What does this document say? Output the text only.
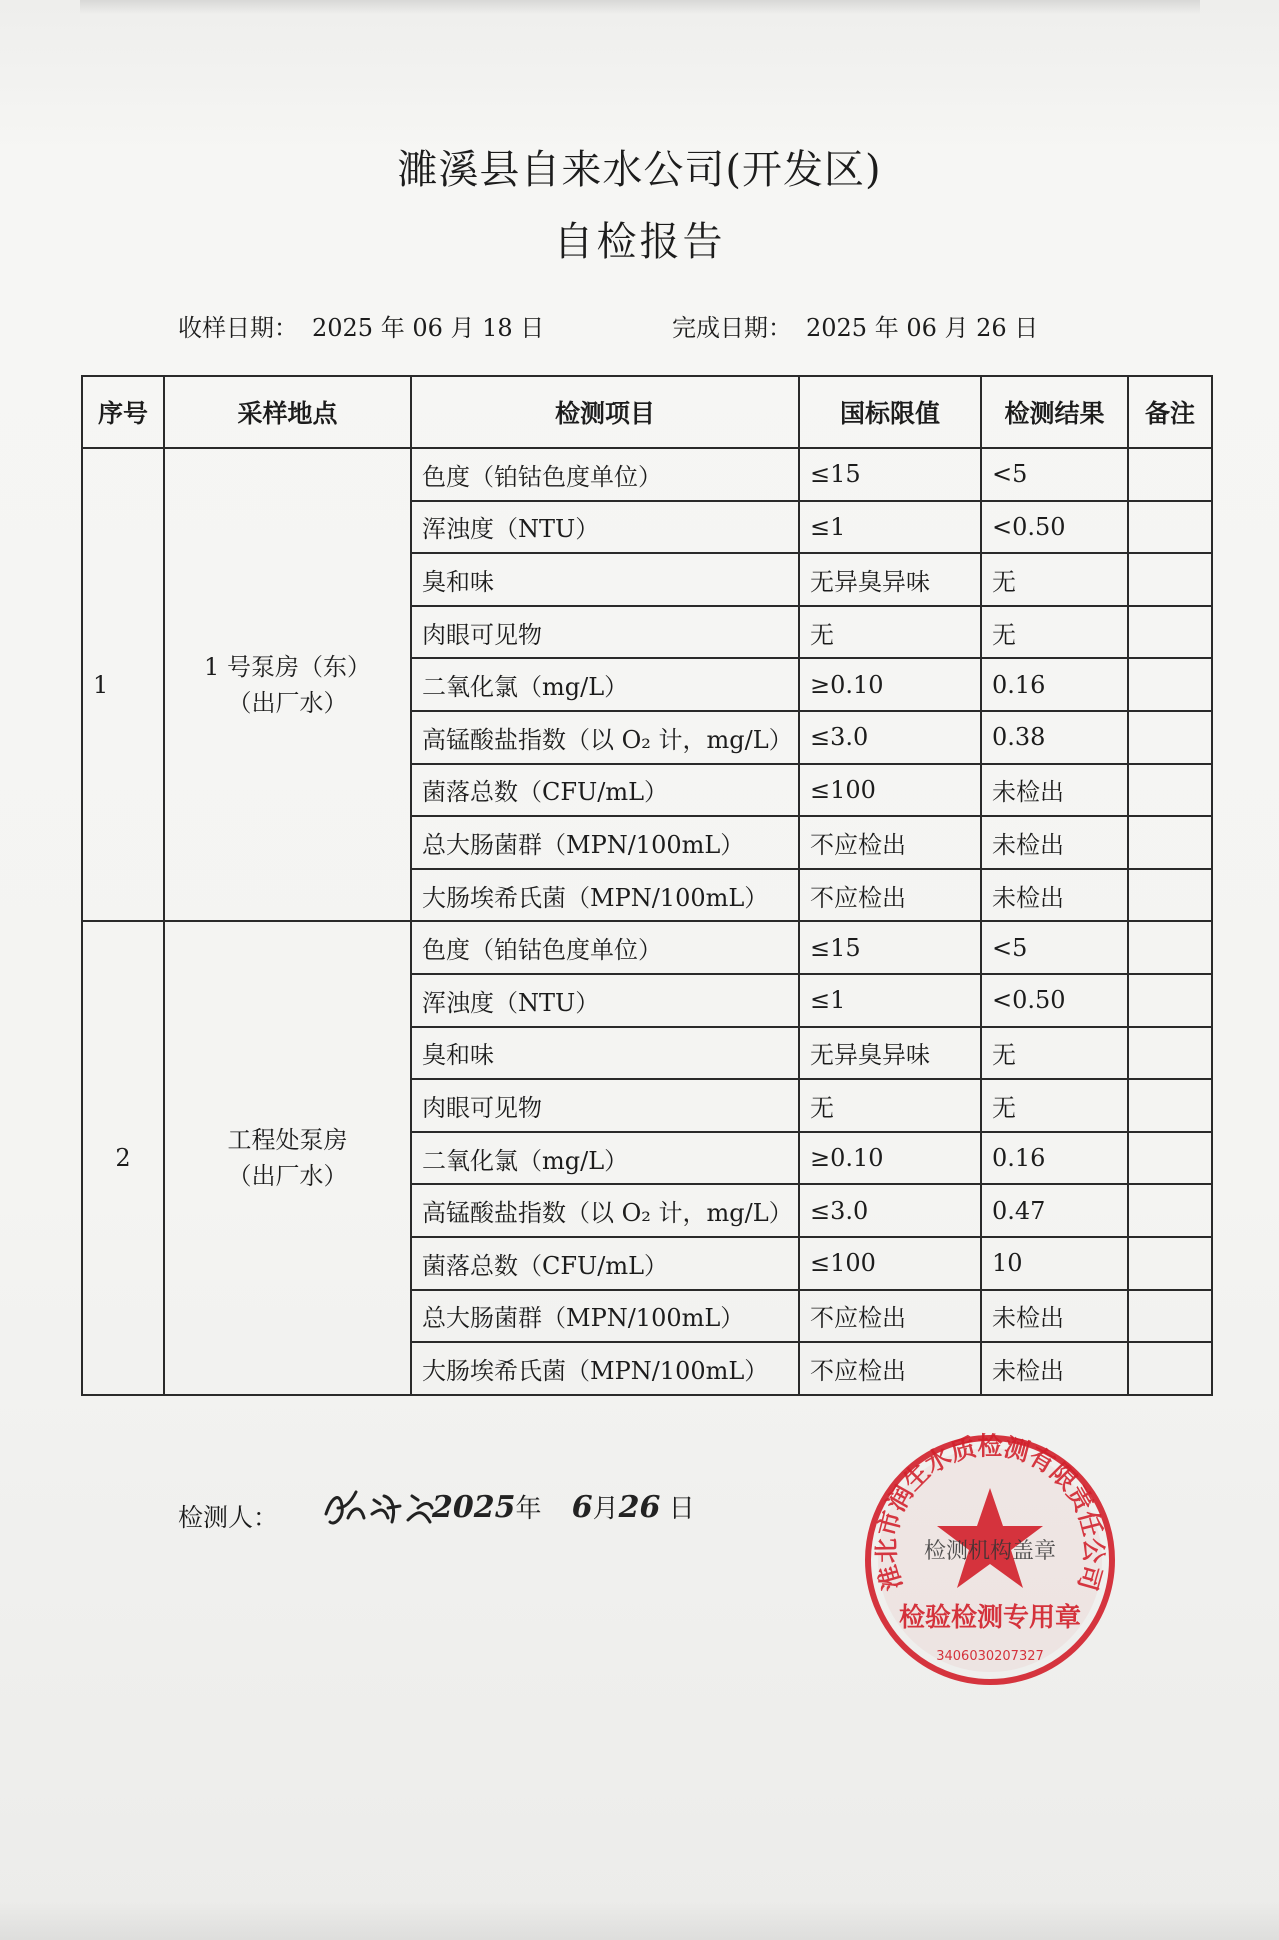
濉溪县自来水公司(开发区)
自检报告
收样日期： 2025 年 06 月 18 日	完成日期： 2025 年 06 月 26 日
序号	采样地点	检测项目	国标限值	检测结果	备注
1	1 号泵房（东）
（出厂水）	色度（铂钴色度单位）	≤15	<5	
		浑浊度（NTU）	≤1	<0.50	
		臭和味	无异臭异味	无	
		肉眼可见物	无	无	
		二氧化氯（mg/L）	≥0.10	0.16	
		高锰酸盐指数（以 O₂ 计，mg/L）	≤3.0	0.38	
		菌落总数（CFU/mL）	≤100	未检出	
		总大肠菌群（MPN/100mL）	不应检出	未检出	
		大肠埃希氏菌（MPN/100mL）	不应检出	未检出	
2	工程处泵房
（出厂水）	色度（铂钴色度单位）	≤15	<5	
		浑浊度（NTU）	≤1	<0.50	
		臭和味	无异臭异味	无	
		肉眼可见物	无	无	
		二氧化氯（mg/L）	≥0.10	0.16	
		高锰酸盐指数（以 O₂ 计，mg/L）	≤3.0	0.47	
		菌落总数（CFU/mL）	≤100	10	
		总大肠菌群（MPN/100mL）	不应检出	未检出	
		大肠埃希氏菌（MPN/100mL）	不应检出	未检出	
检测人：	2025年 6月26 日
淮北市润生水质检测有限责任公司
检测机构盖章
检验检测专用章
3406030207327
